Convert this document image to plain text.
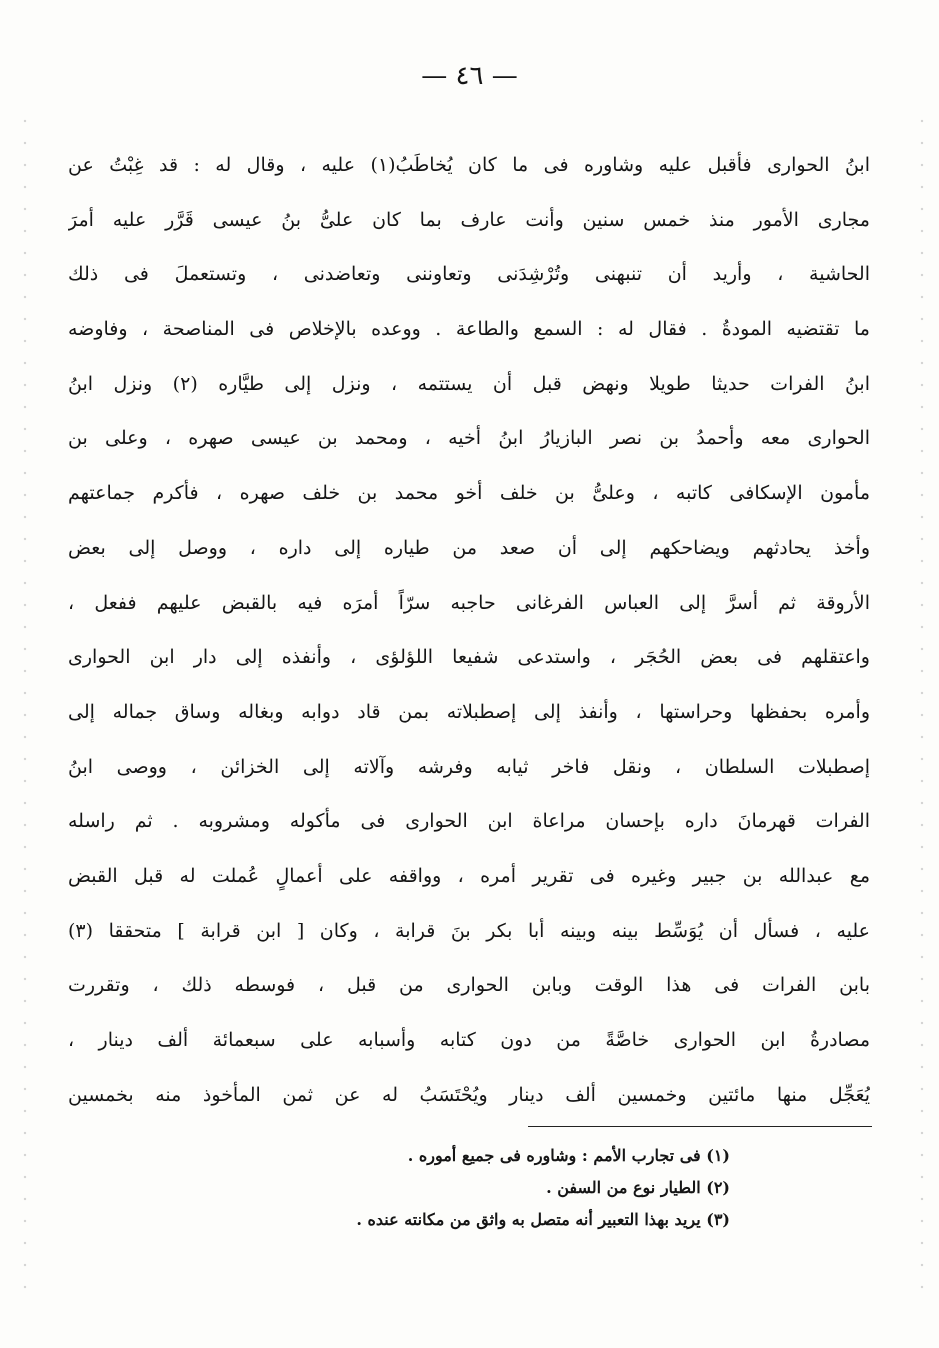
— ٤٦ —
ابنُ الحوارى فأقبل عليه وشاوره فى ما كان يُخاطَبُ(١) عليه ، وقال له : قد غِبْتُ عن
مجارى الأمور منذ خمس سنين وأنت عارف بما كان علىُّ بنُ عيسى قَرَّر عليه أمرَ
الحاشية ، وأريد أن تنبهنى وتُرْشِدَنى وتعاوننى وتعاضدنى ، وتستعملَ فى ذلك
ما تقتضيه المودةُ . فقال له : السمع والطاعة . ووعده بالإخلاص فى المناصحة ، وفاوضه
ابنُ الفرات حديثا طويلا ونهض قبل أن يستتمه ، ونزل إلى طيَّاره (٢) ونزل ابنُ
الحوارى معه وأحمدُ بن نصر البازيارُ ابنُ أخيه ، ومحمد بن عيسى صهره ، وعلى بن
مأمون الإسكافى كاتبه ، وعلىُّ بن خلف أخو محمد بن خلف صهره ، فأكرم جماعتهم
وأخذ يحادثهم ويضاحكهم إلى أن صعد من طياره إلى داره ، ووصل إلى بعض
الأروقة ثم أسرَّ إلى العباس الفرغانى حاجبه سرّاً أمرَه فيه بالقبض عليهم ففعل ،
واعتقلهم فى بعض الحُجَر ، واستدعى شفيعا اللؤلؤى ، وأنفذه إلى دار ابن الحوارى
وأمره بحفظها وحراستها ، وأنفذ إلى إصطبلاته بمن قاد دوابه وبغاله وساق جماله إلى
إصطبلات السلطان ، ونقل فاخر ثيابه وفرشه وآلاته إلى الخزائن ، ووصى ابنُ
الفرات قهرمانَ داره بإحسان مراعاة ابن الحوارى فى مأكوله ومشروبه . ثم راسله
مع عبدالله بن جبير وغيره فى تقرير أمره ، وواقفه على أعمالٍ عُملت له قبل القبض
عليه ، فسأل أن يُوَسِّط بينه وبينه أبا بكر بنَ قرابة ، وكان [ ابن قرابة ] متحققا (٣)
بابن الفرات فى هذا الوقت وبابن الحوارى من قبل ، فوسطه ذلك ، وتقررت
مصادرةُ ابن الحوارى خاصَّةً من دون كتابه وأسبابه على سبعمائة ألف دينار ،
يُعَجِّل منها مائتين وخمسين ألف دينار ويُحْتَسَبُ له عن ثمن المأخوذ منه بخمسين
(١) فى تجارب الأمم : وشاوره فى جميع أموره .
(٢) الطيار نوع من السفن .
(٣) يريد بهذا التعبير أنه متصل به واثق من مكانته عنده .
